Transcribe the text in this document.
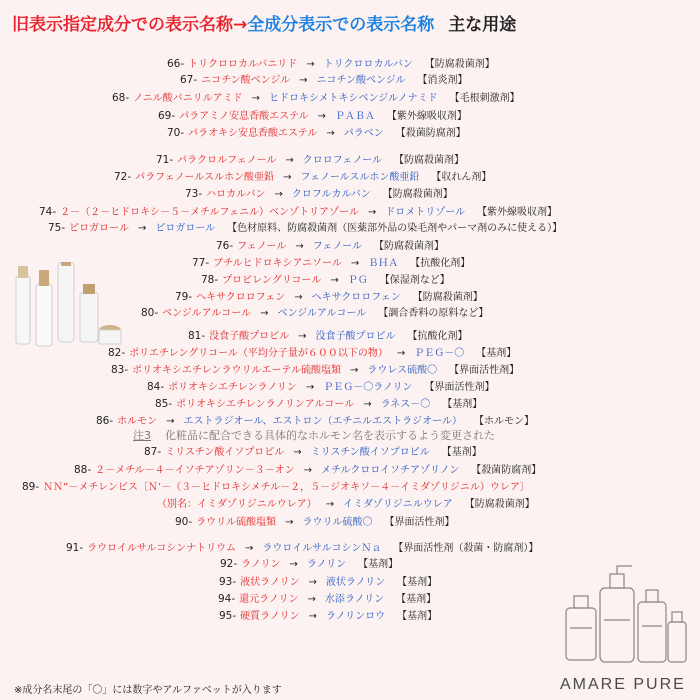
旧表示指定成分での表示名称→全成分表示での表示名称 主な用途
66- トリクロロカルバニリド → トリクロロカルバン 【防腐殺菌剤】
67- ニコチン酸ベンジル → ニコチン酸ベンジル 【消炎剤】
68- ノニル酸バニリルアミド → ヒドロキシメトキシベンジルノナミド 【毛根刺激剤】
69- パラアミノ安息香酸エステル → ＰＡＢＡ 【紫外線吸収剤】
70- パラオキシ安息香酸エステル → パラベン 【殺菌防腐剤】
71- パラクロルフェノール → クロロフェノール 【防腐殺菌剤】
72- パラフェノールスルホン酸亜鉛 → フェノールスルホン酸亜鉛 【収れん剤】
73- ハロカルバン → クロフルカルバン 【防腐殺菌剤】
74- ２－（２－ヒドロキシ－５－メチルフェニル）ベンゾトリアゾール → ドロメトリゾール 【紫外線吸収剤】
75- ピロガロール → ピロガロール 【色材原料、防腐殺菌剤（医薬部外品の染毛剤やパーマ剤のみに使える）】
76- フェノール → フェノール 【防腐殺菌剤】
77- ブチルヒドロキシアニソール → ＢＨＡ 【抗酸化剤】
78- プロピレングリコール → ＰＧ 【保湿剤など】
79- ヘキサクロロフェン → ヘキサクロロフェン 【防腐殺菌剤】
80- ベンジルアルコール → ベンジルアルコール 【調合香料の原料など】
81- 没食子酸プロピル → 没食子酸プロピル 【抗酸化剤】
82- ポリエチレングリコール（平均分子量が６００以下の物） → ＰＥＧ－〇 【基剤】
83- ポリオキシエチレンラウリルエーテル硫酸塩類 → ラウレス硫酸〇 【界面活性剤】
84- ポリオキシエチレンラノリン → ＰＥＧ－〇ラノリン 【界面活性剤】
85- ポリオキシエチレンラノリンアルコール → ラネス－〇 【基剤】
86- ホルモン → エストラジオール、エストロン（エチニルエストラジオール） 【ホルモン】
87- ミリスチン酸イソプロピル → ミリスチン酸イソプロピル 【基剤】
88- ２－メチル－４－イソチアゾリン－３－オン → メチルクロロイソチアゾリノン 【殺菌防腐剤】
89- ＮＮ”－メチレンビス〔Ｎ’－（３－ヒドロキシメチル－２，５－ジオキソ－４－イミダゾリジニル）ウレア〕
（別名：イミダゾリジニルウレア） → イミダゾリジニルウレア 【防腐殺菌剤】
90- ラウリル硫酸塩類 → ラウリル硫酸〇 【界面活性剤】
91- ラウロイルサルコシンナトリウム → ラウロイルサルコシンＮａ 【界面活性剤（殺菌・防腐剤）】
92- ラノリン → ラノリン 【基剤】
93- 液状ラノリン → 液状ラノリン 【基剤】
94- 還元ラノリン → 水添ラノリン 【基剤】
95- 硬質ラノリン → ラノリンロウ 【基剤】
注3 化粧品に配合できる具体的なホルモン名を表示するよう変更された
※成分名末尾の「〇」には数字やアルファベットが入ります	AMARE PURE
